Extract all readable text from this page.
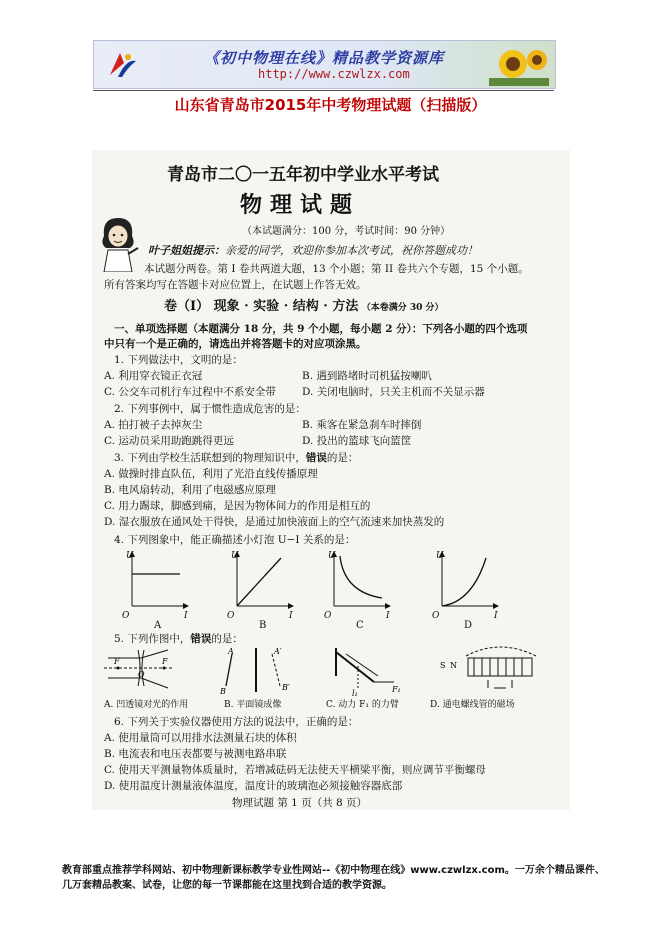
《初中物理在线》精品教学资源库
http://www.czwlzx.com
山东省青岛市2015年中考物理试题（扫描版）
青岛市二〇一五年初中学业水平考试
物理试题
（本试题满分：100 分，考试时间：90 分钟）
叶子姐姐提示：亲爱的同学，欢迎你参加本次考试，祝你答题成功！
本试题分两卷。第 I 卷共两道大题，13 个小题；第 II 卷共六个专题，15 个小题。
所有答案均写在答题卡对应位置上，在试题上作答无效。
卷（I） 现象 · 实验 · 结构 · 方法 （本卷满分 30 分）
一、单项选择题（本题满分 18 分，共 9 个小题，每小题 2 分）：下列各小题的四个选项
中只有一个是正确的，请选出并将答题卡的对应项涂黑。
1. 下列做法中，文明的是：
A. 利用穿衣镜正衣冠	B. 遇到路堵时司机猛按喇叭
C. 公交车司机行车过程中不系安全带 D. 关闭电脑时，只关主机而不关显示器
2. 下列事例中，属于惯性造成危害的是：
A. 拍打被子去掉灰尘	B. 乘客在紧急刹车时摔倒
C. 运动员采用助跑跳得更远	D. 投出的篮球飞向篮筐
3. 下列由学校生活联想到的物理知识中，错误的是：
A. 做操时排直队伍，利用了光沿直线传播原理
B. 电风扇转动，利用了电磁感应原理
C. 用力踢球，脚感到痛，是因为物体间力的作用是相互的
D. 湿衣服放在通风处干得快，是通过加快液面上的空气流速来加快蒸发的
4. 下列图象中，能正确描述小灯泡 U−I 关系的是：
U
O	I
U
O	I
U
O	I
U
O	I
A	B	C	D
5. 下列作图中，错误的是：
F
O
F
A
B
A′
B′
l₁	F₁
S N
A. 凹透镜对光的作用	B. 平面镜成像	C. 动力 F₁ 的力臂	D. 通电螺线管的磁场
6. 下列关于实验仪器使用方法的说法中，正确的是：
A. 使用量筒可以用排水法测量石块的体积
B. 电流表和电压表都要与被测电路串联
C. 使用天平测量物体质量时，若增减砝码无法使天平横梁平衡，则应调节平衡螺母
D. 使用温度计测量液体温度，温度计的玻璃泡必须接触容器底部
物理试题 第 1 页（共 8 页）
教育部重点推荐学科网站、初中物理新课标教学专业性网站--《初中物理在线》www.czwlzx.com。一万余个精品课件、
几万套精品教案、试卷，让您的每一节课都能在这里找到合适的教学资源。
